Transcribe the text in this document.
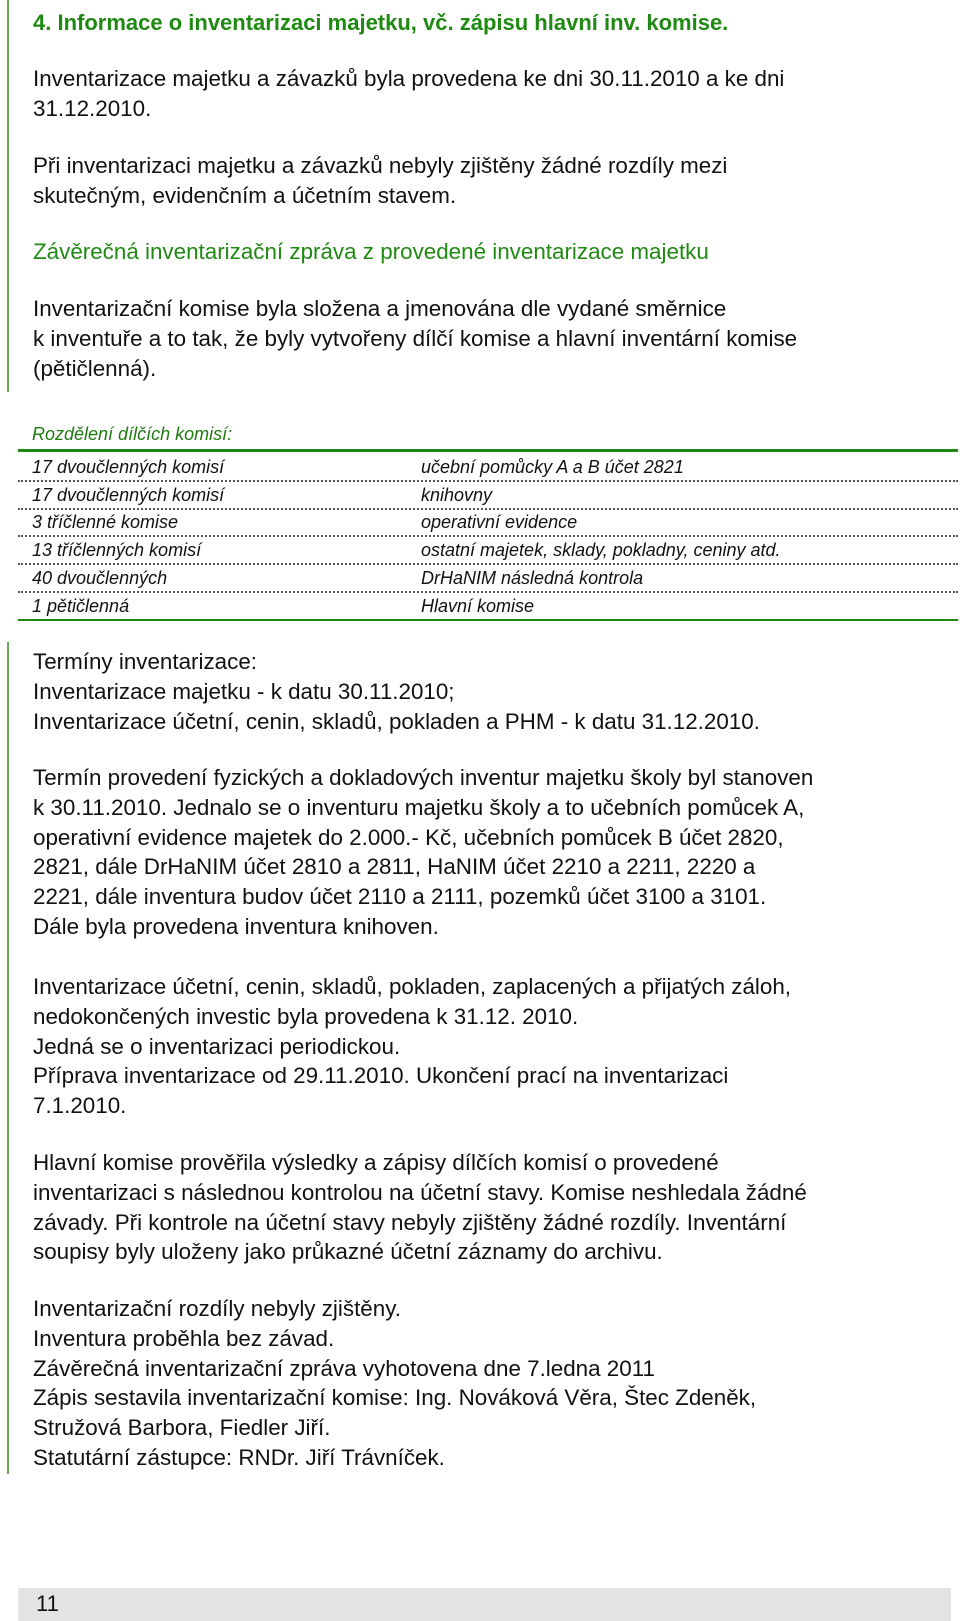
4. Informace o inventarizaci majetku, vč. zápisu hlavní inv. komise.
Inventarizace majetku a závazků byla provedena ke dni 30.11.2010 a ke dni
31.12.2010.
Při inventarizaci majetku a závazků nebyly zjištěny žádné rozdíly mezi
skutečným, evidenčním a účetním stavem.
Závěrečná inventarizační zpráva z provedené inventarizace majetku
Inventarizační komise byla složena a jmenována dle vydané směrnice
k inventuře a to tak, že byly vytvořeny dílčí komise a hlavní inventární komise
(pětičlenná).
Rozdělení dílčích komisí:
17 dvoučlenných komisí	učební pomůcky A a B účet 2821
17 dvoučlenných komisí	knihovny
3 tříčlenné komise	operativní evidence
13 tříčlenných komisí	ostatní majetek, sklady, pokladny, ceniny atd.
40 dvoučlenných	DrHaNIM následná kontrola
1 pětičlenná	Hlavní komise
Termíny inventarizace:
Inventarizace majetku - k datu 30.11.2010;
Inventarizace účetní, cenin, skladů, pokladen a PHM - k datu 31.12.2010.
Termín provedení fyzických a dokladových inventur majetku školy byl stanoven
k 30.11.2010. Jednalo se o inventuru majetku školy a to učebních pomůcek A,
operativní evidence majetek do 2.000.- Kč, učebních pomůcek B účet 2820,
2821, dále DrHaNIM účet 2810 a 2811, HaNIM účet 2210 a 2211, 2220 a
2221, dále inventura budov účet 2110 a 2111, pozemků účet 3100 a 3101.
Dále byla provedena inventura knihoven.
Inventarizace účetní, cenin, skladů, pokladen, zaplacených a přijatých záloh,
nedokončených investic byla provedena k 31.12. 2010.
Jedná se o inventarizaci periodickou.
Příprava inventarizace od 29.11.2010. Ukončení prací na inventarizaci
7.1.2010.
Hlavní komise prověřila výsledky a zápisy dílčích komisí o provedené
inventarizaci s následnou kontrolou na účetní stavy. Komise neshledala žádné
závady. Při kontrole na účetní stavy nebyly zjištěny žádné rozdíly. Inventární
soupisy byly uloženy jako průkazné účetní záznamy do archivu.
Inventarizační rozdíly nebyly zjištěny.
Inventura proběhla bez závad.
Závěrečná inventarizační zpráva vyhotovena dne 7.ledna 2011
Zápis sestavila inventarizační komise: Ing. Nováková Věra, Štec Zdeněk,
Stružová Barbora, Fiedler Jiří.
Statutární zástupce: RNDr. Jiří Trávníček.
11
